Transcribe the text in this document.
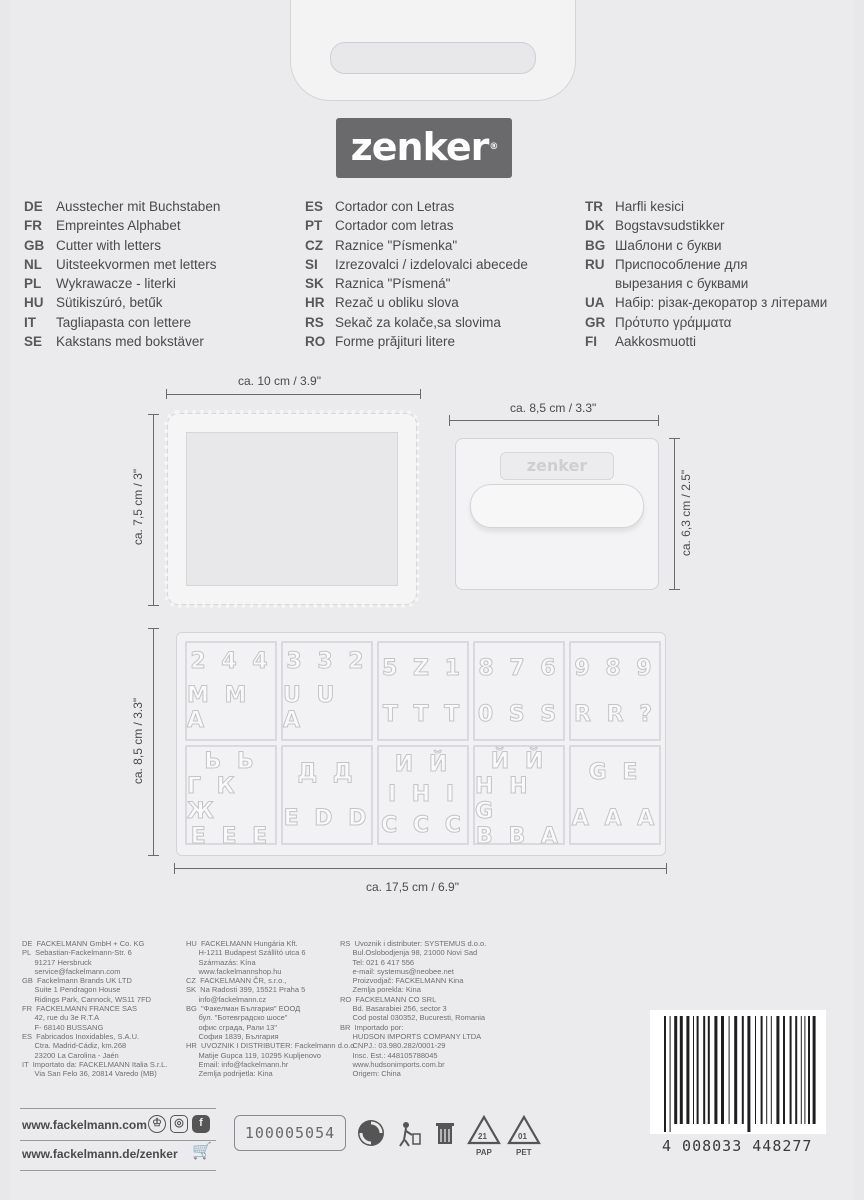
zenker®
DE Ausstecher mit Buchstaben
FR Empreintes Alphabet
GB Cutter with letters
NL Uitsteekvormen met letters
PL Wykrawacze - literki
HU Sütikiszúró, betűk
IT Tagliapasta con lettere
SE Kakstans med bokstäver
ES Cortador con Letras
PT Cortador com letras
CZ Raznice "Písmenka"
SI Izrezovalci / izdelovalci abecede
SK Raznica "Písmená"
HR Rezač u obliku slova
RS Sekač za kolače,sa slovima
RO Forme prăjituri litere
TR Harfli kesici
DK Bogstavsudstikker
BG Шаблони с букви
RU Приспособление для
вырезания с буквами
UA Набір: різак-декоратор з літерами
GR Πρότυπο γράμματα
FI Aakkosmuotti
ca. 10 cm / 3.9"
ca. 7,5 cm / 3"
ca. 8,5 cm / 3.3"
ca. 6,3 cm / 2.5"
zenker
ca. 8,5 cm / 3.3"
ca. 17,5 cm / 6.9"
2 4 4
M M A
3 3 2
U U A
5 Z 1
T T T
8 7 6
0 S S
9 8 9
R R ?
Ь Ь
Г К Ж
E E E
Д Д
E D D
И Й
I H I
C C C
Й Й
H H G
B B A
G E
A A A
DE  FACKELMANN GmbH + Co. KG
PL  Sebastian-Fackelmann-Str. 6
91217 Hersbruck
service@fackelmann.com
GB  Fackelmann Brands UK LTD
Suite 1 Pendragon House
Ridings Park, Cannock, WS11 7FD
FR  FACKELMANN FRANCE SAS
42, rue du 3e R.T.A
F- 68140 BUSSANG
ES  Fabricados Inoxidables, S.A.U.
Ctra. Madrid-Cádiz, km.268
23200 La Carolina - Jaén
IT  Importato da: FACKELMANN Italia S.r.L.
Via San Felo 36, 20814 Varedo (MB)
HU  FACKELMANN Hungária Kft.
H-1211 Budapest Szállító utca 6
Származás: Kína
www.fackelmannshop.hu
CZ  FACKELMANN ČR, s.r.o.,
SK  Na Radosti 399, 15521 Praha 5
info@fackelmann.cz
BG  "Факелман България" ЕООД
бул. "Ботевградско шосе"
офис сграда, Рали 13"
София 1839, България
HR  UVOZNIK I DISTRIBUTER: Fackelmann d.o.o.
Matije Gupca 119, 10295 Kupljenovo
Email: info@fackelmann.hr
Zemlja podrijetla: Kina
RS  Uvoznik i distributer: SYSTEMUS d.o.o.
Bul.Oslobodjenja 98, 21000 Novi Sad
Tel: 021 6 417 556
e-mail: systemus@neobee.net
Proizvodjač: FACKELMANN Kina
Zemlja porekla: Kina
RO  FACKELMANN CO SRL
Bd. Basarabiei 256, sector 3
Cod postal 030352, Bucuresti, Romania
BR  Importado por:
HUDSON IMPORTS COMPANY LTDA
CNPJ.: 03.980.282/0001-29
Insc. Est.: 448105788045
www.hudsonimports.com.br
Origem: China
www.fackelmann.com ♔	◎	f
www.fackelmann.de/zenker 🛒
100005054	21
PAP
01
PET	4 008033 448277
